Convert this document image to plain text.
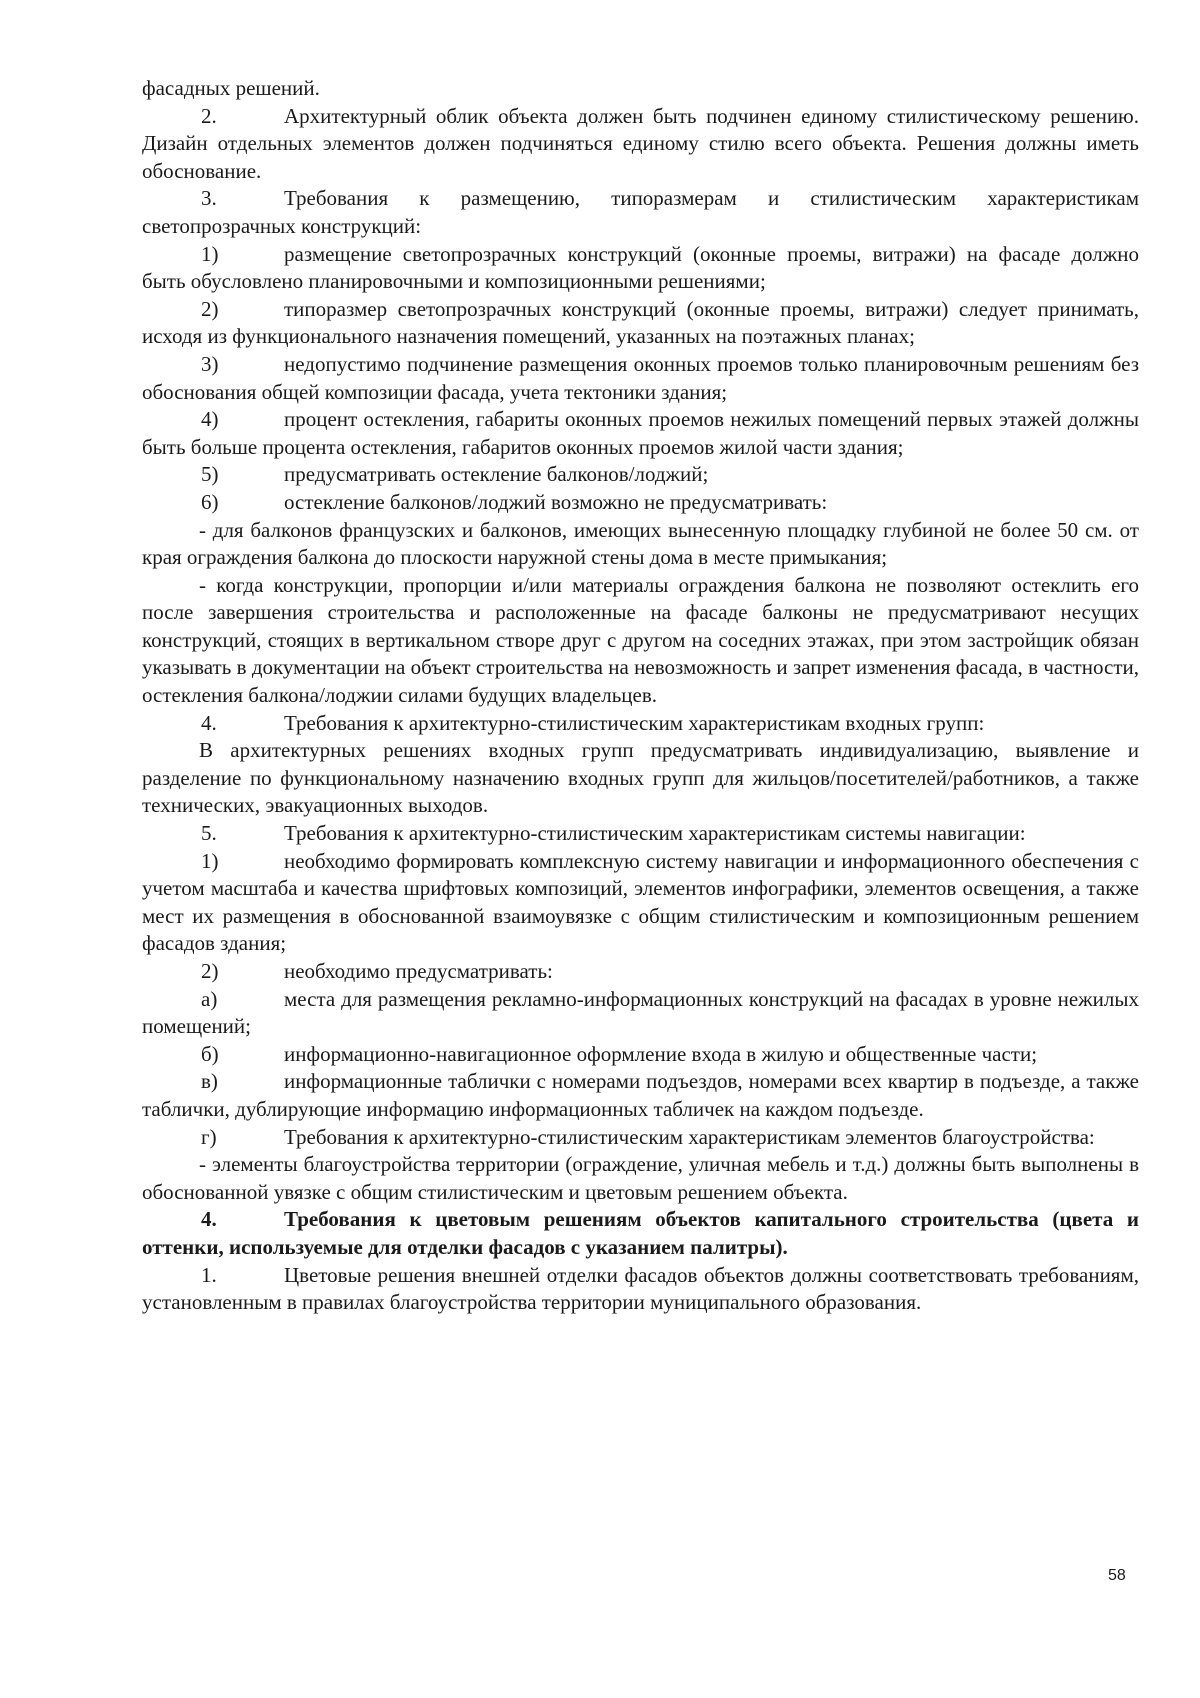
фасадных решений.

2.	Архитектурный облик объекта должен быть подчинен единому стилистическому решению. Дизайн отдельных элементов должен подчиняться единому стилю всего объекта. Решения должны иметь обоснование.

3.	Требования к размещению, типоразмерам и стилистическим характеристикам светопрозрачных конструкций:

1)	размещение светопрозрачных конструкций (оконные проемы, витражи) на фасаде должно быть обусловлено планировочными и композиционными решениями;

2)	типоразмер светопрозрачных конструкций (оконные проемы, витражи) следует принимать, исходя из функционального назначения помещений, указанных на поэтажных планах;

3)	недопустимо подчинение размещения оконных проемов только планировочным решениям без обоснования общей композиции фасада, учета тектоники здания;

4)	процент остекления, габариты оконных проемов нежилых помещений первых этажей должны быть больше процента остекления, габаритов оконных проемов жилой части здания;

5)	предусматривать остекление балконов/лоджий;

6)	остекление балконов/лоджий возможно не предусматривать:

- для балконов французских и балконов, имеющих вынесенную площадку глубиной не более 50 см. от края ограждения балкона до плоскости наружной стены дома в месте примыкания;

- когда конструкции, пропорции и/или материалы ограждения балкона не позволяют остеклить его после завершения строительства и расположенные на фасаде балконы не предусматривают несущих конструкций, стоящих в вертикальном створе друг с другом на соседних этажах, при этом застройщик обязан указывать в документации на объект строительства на невозможность и запрет изменения фасада, в частности, остекления балкона/лоджии силами будущих владельцев.

4.	Требования к архитектурно-стилистическим характеристикам входных групп:

В архитектурных решениях входных групп предусматривать индивидуализацию, выявление и разделение по функциональному назначению входных групп для жильцов/посетителей/работников, а также технических, эвакуационных выходов.

5.	Требования к архитектурно-стилистическим характеристикам системы навигации:

1)	необходимо формировать комплексную систему навигации и информационного обеспечения с учетом масштаба и качества шрифтовых композиций, элементов инфографики, элементов освещения, а также мест их размещения в обоснованной взаимоувязке с общим стилистическим и композиционным решением фасадов здания;

2)	необходимо предусматривать:

а)	места для размещения рекламно-информационных конструкций на фасадах в уровне нежилых помещений;

б)	информационно-навигационное оформление входа в жилую и общественные части;

в)	информационные таблички с номерами подъездов, номерами всех квартир в подъезде, а также таблички, дублирующие информацию информационных табличек на каждом подъезде.

г)	Требования к архитектурно-стилистическим характеристикам элементов благоустройства:

- элементы благоустройства территории (ограждение, уличная мебель и т.д.) должны быть выполнены в обоснованной увязке с общим стилистическим и цветовым решением объекта.

4.	Требования к цветовым решениям объектов капитального строительства (цвета и оттенки, используемые для отделки фасадов с указанием палитры).

1.	Цветовые решения внешней отделки фасадов объектов должны соответствовать требованиям, установленным в правилах благоустройства территории муниципального образования.

58
